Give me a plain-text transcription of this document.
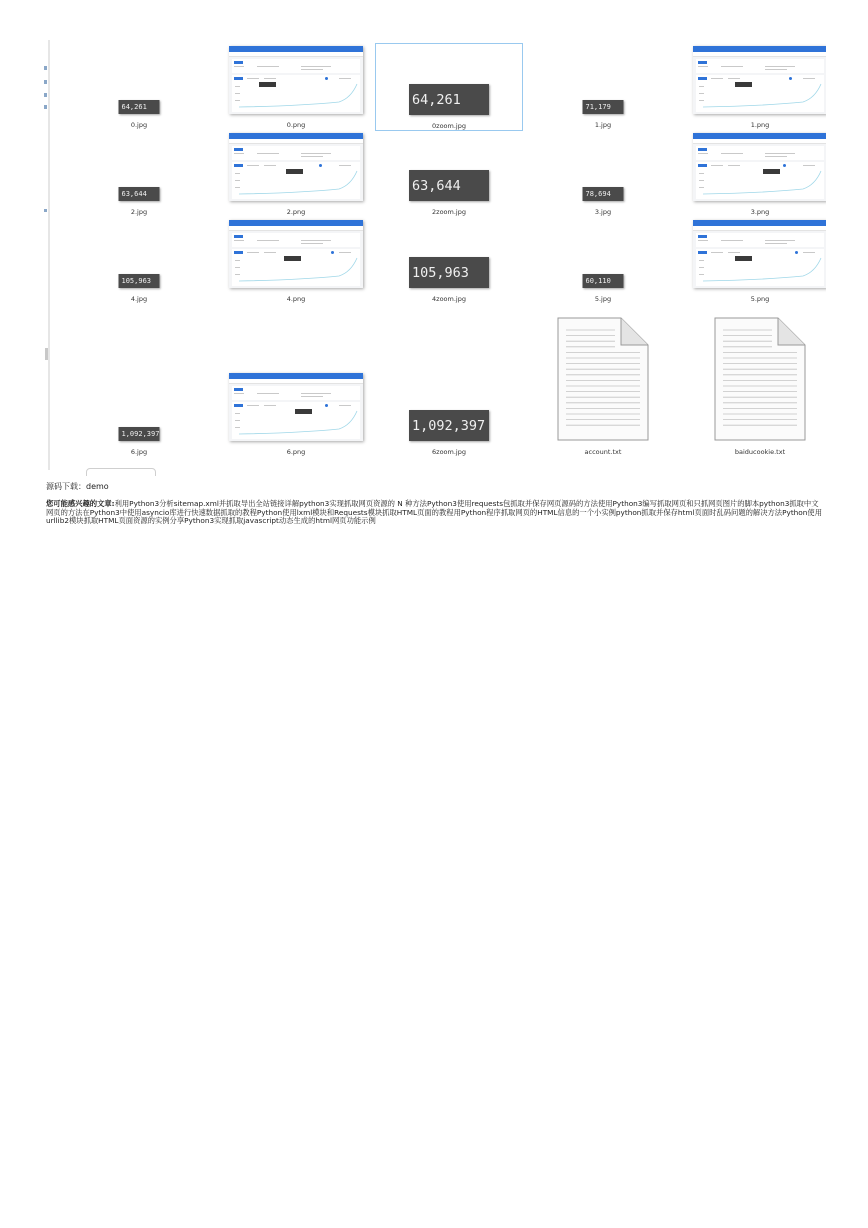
64,261
0.jpg	0.png
64,261
0zoom.jpg
71,179
1.jpg	1.png
63,644
2.jpg	2.png
63,644
2zoom.jpg
78,694
3.jpg	3.png
105,963
4.jpg	4.png
105,963
4zoom.jpg
60,110
5.jpg	5.png
1,092,397
6.jpg	6.png
1,092,397
6zoom.jpg	account.txt	baiducookie.txt
源码下载：demo
您可能感兴趣的文章:利用Python3分析sitemap.xml并抓取导出全站链接详解python3实现抓取网页资源的 N 种方法Python3使用requests包抓取并保存网页源码的方法使用Python3编写抓取网页和只抓网页图片的脚本python3抓取中文网页的方法在Python3中使用asyncio库进行快速数据抓取的教程Python使用lxml模块和Requests模块抓取HTML页面的教程用Python程序抓取网页的HTML信息的一个小实例python抓取并保存html页面时乱码问题的解决方法Python使用urllib2模块抓取HTML页面资源的实例分享Python3实现抓取javascript动态生成的html网页功能示例
